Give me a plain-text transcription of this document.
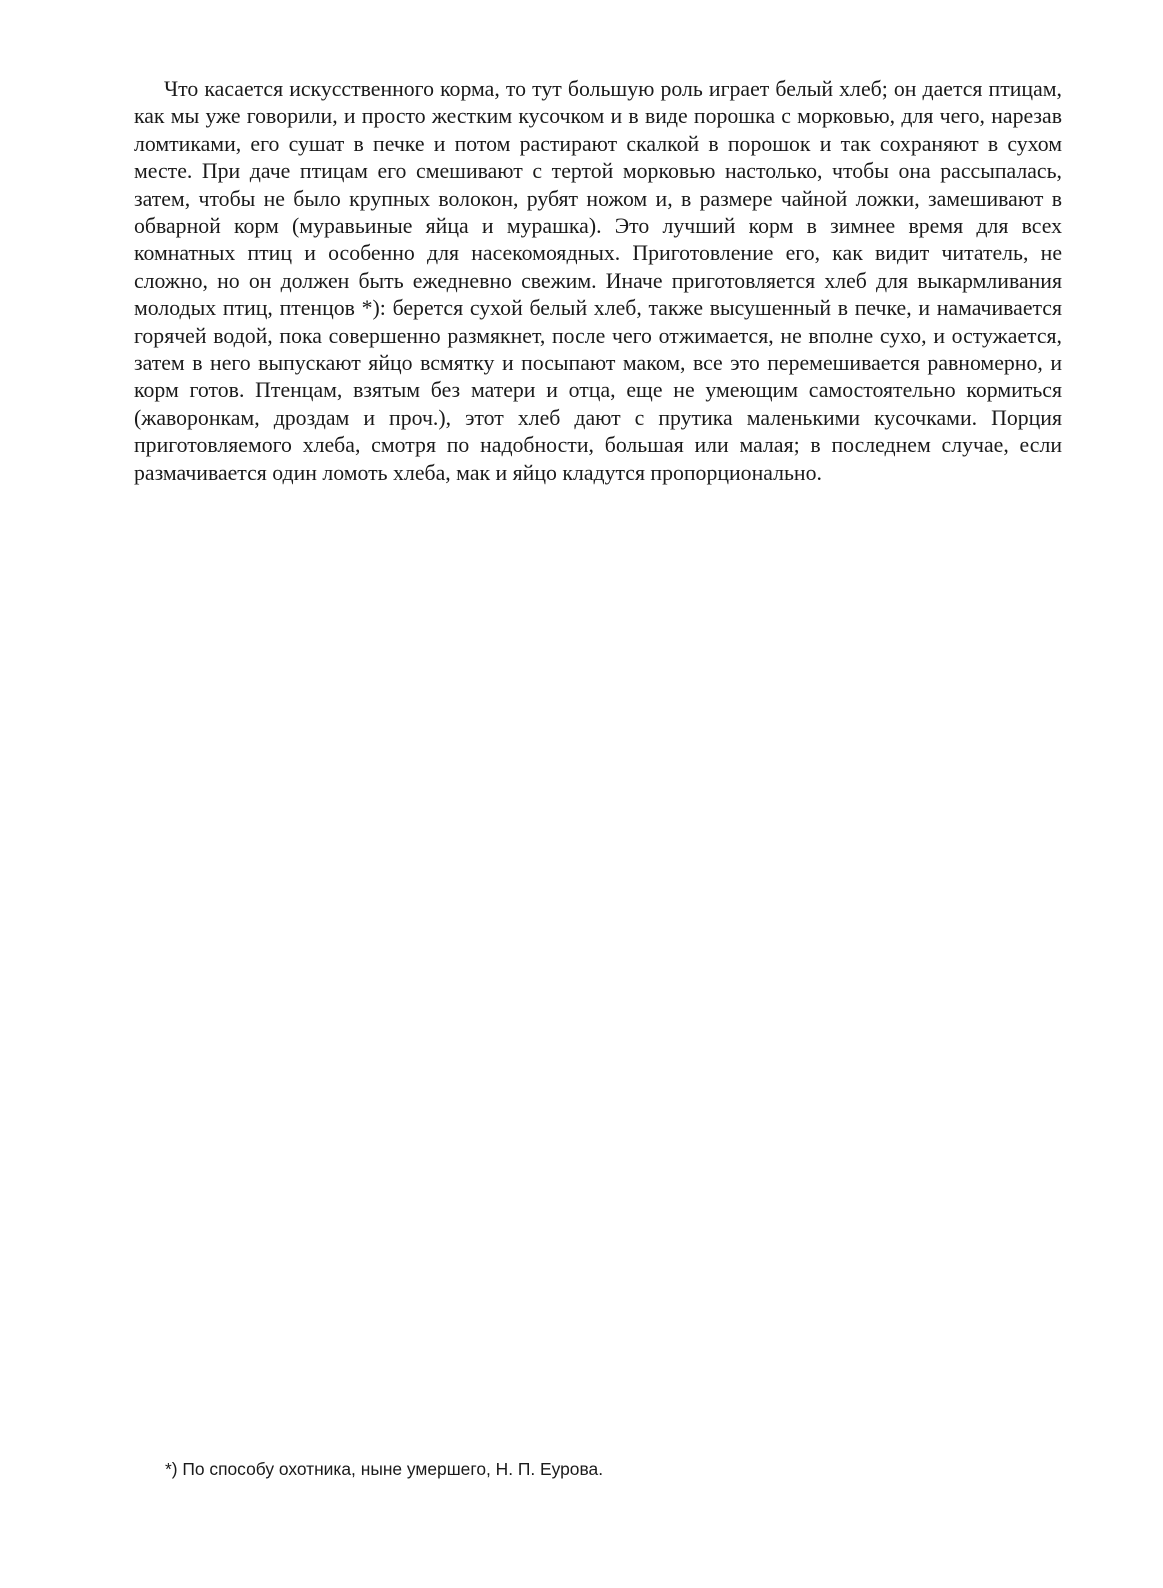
Что касается искусственного корма, то тут большую роль играет белый хлеб; он дается птицам, как мы уже говорили, и просто жестким кусочком и в виде порошка с морковью, для чего, нарезав ломтиками, его сушат в печке и потом растирают скалкой в порошок и так сохраняют в сухом месте. При даче птицам его смешивают с тертой морковью настолько, чтобы она рассыпалась, затем, чтобы не было крупных волокон, рубят ножом и, в размере чайной ложки, замешивают в обварной корм (муравьиные яйца и мурашка). Это лучший корм в зимнее время для всех комнатных птиц и особенно для насекомоядных. Приготовление его, как видит читатель, не сложно, но он должен быть ежедневно свежим. Иначе приготовляется хлеб для выкармливания молодых птиц, птенцов *): берется сухой белый хлеб, также высушенный в печке, и намачивается горячей водой, пока совершенно размякнет, после чего отжимается, не вполне сухо, и остужается, затем в него выпускают яйцо всмятку и посыпают маком, все это перемешивается равномерно, и корм готов. Птенцам, взятым без матери и отца, еще не умеющим самостоятельно кормиться (жаворонкам, дроздам и проч.), этот хлеб дают с прутика маленькими кусочками. Порция приготовляемого хлеба, смотря по надобности, большая или малая; в последнем случае, если размачивается один ломоть хлеба, мак и яйцо кладутся пропорционально.

*) По способу охотника, ныне умершего, Н. П. Еурова.
